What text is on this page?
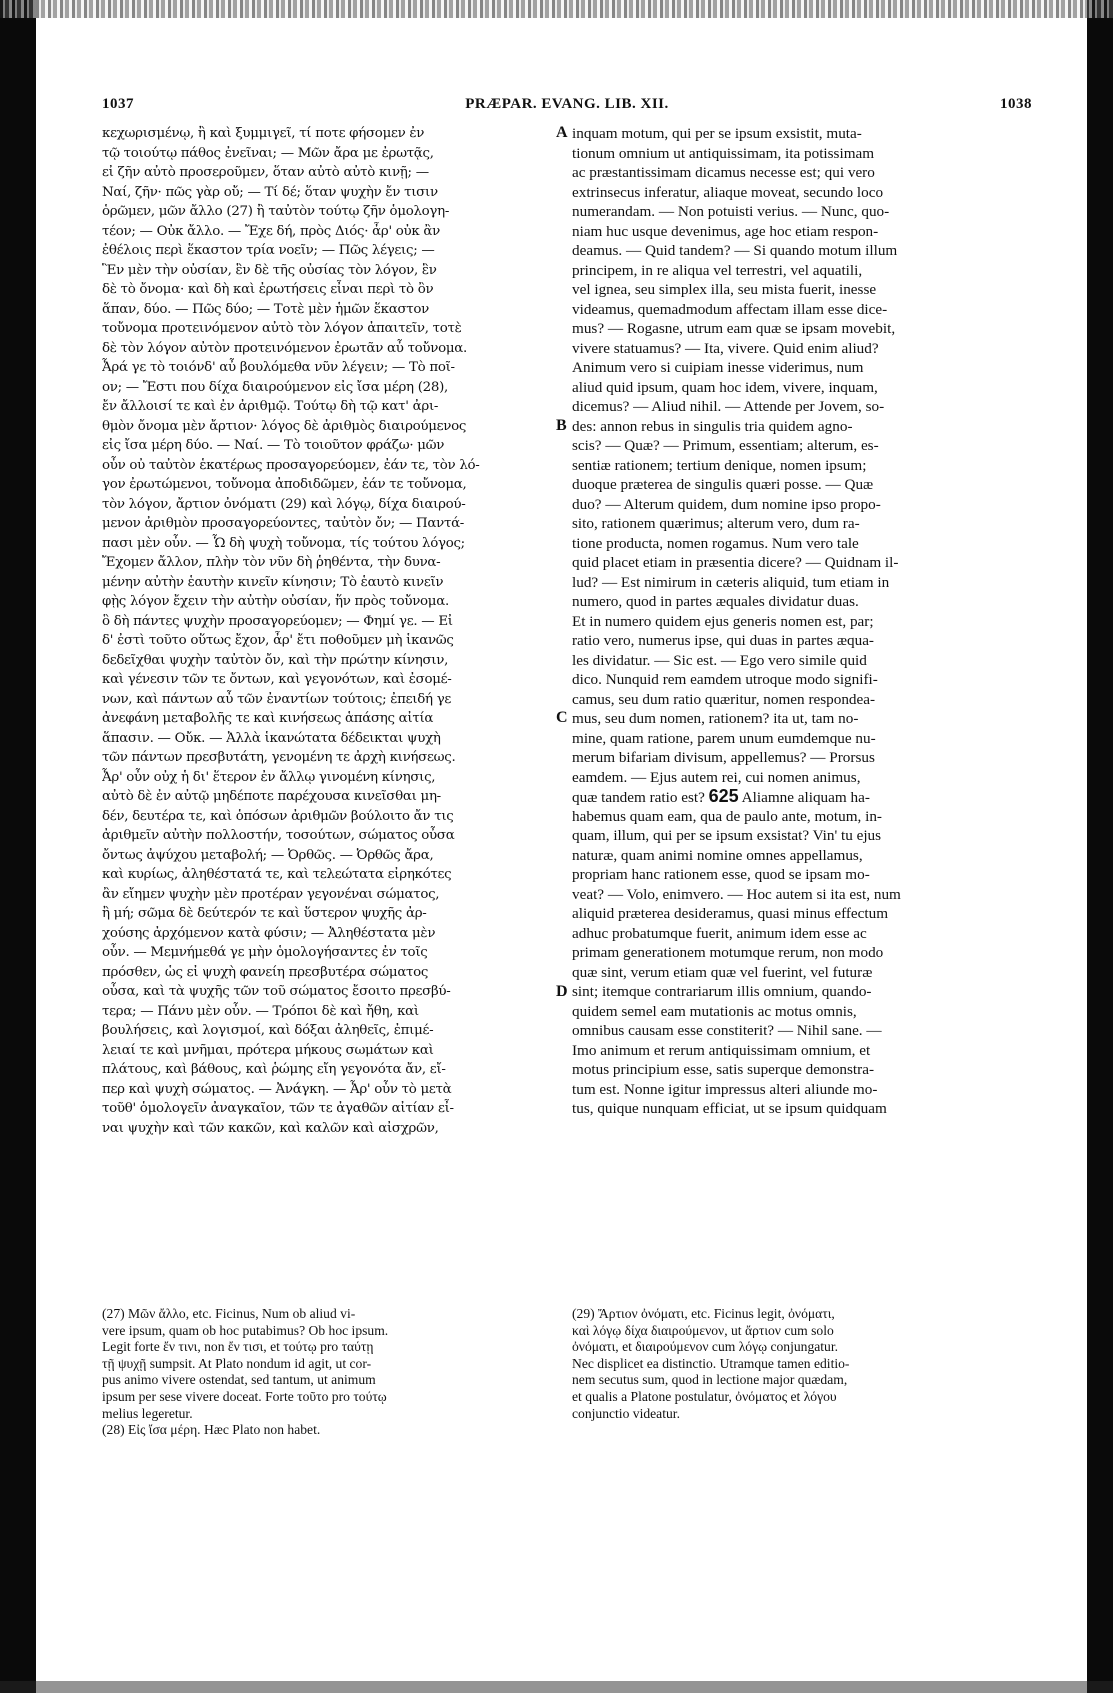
PRÆPAR. EVANG. LIB. XII.
1037	1038
κεχωρισμένῳ, ἢ καὶ ξυμμιγεῖ, τί ποτε φήσομεν ἐν
τῷ τοιούτῳ πάθος ἐνεῖναι; — Μῶν ἄρα με ἐρωτᾷς,
εἰ ζῆν αὐτὸ προσεροῦμεν, ὅταν αὐτὸ αὐτὸ κινῇ; —
Ναί, ζῆν· πῶς γὰρ οὔ; — Τί δέ; ὅταν ψυχὴν ἔν τισιν
ὁρῶμεν, μῶν ἄλλο (27) ἢ ταὐτὸν τούτῳ ζῆν ὁμολογη-
τέον; — Οὐκ ἄλλο. — Ἔχε δή, πρὸς Διός· ἆρ' οὐκ ἂν
ἐθέλοις περὶ ἕκαστον τρία νοεῖν; — Πῶς λέγεις; —
Ἓν μὲν τὴν οὐσίαν, ἓν δὲ τῆς οὐσίας τὸν λόγον, ἓν
δὲ τὸ ὄνομα· καὶ δὴ καὶ ἐρωτήσεις εἶναι περὶ τὸ ὂν
ἅπαν, δύο. — Πῶς δύο; — Τοτὲ μὲν ἡμῶν ἕκαστον
τοὔνομα προτεινόμενον αὐτὸ τὸν λόγον ἀπαιτεῖν, τοτὲ
δὲ τὸν λόγον αὐτὸν προτεινόμενον ἐρωτᾶν αὖ τοὔνομα.
Ἆρά γε τὸ τοιόνδ' αὖ βουλόμεθα νῦν λέγειν; — Τὸ ποῖ-
ον; — Ἔστι που δίχα διαιρούμενον εἰς ἴσα μέρη (28),
ἔν ἄλλοισί τε καὶ ἐν ἀριθμῷ. Τούτῳ δὴ τῷ κατ' ἀρι-
θμὸν ὄνομα μὲν ἄρτιον· λόγος δὲ ἀριθμὸς διαιρούμενος
εἰς ἴσα μέρη δύο. — Ναί. — Τὸ τοιοῦτον φράζω· μῶν
οὖν οὐ ταὐτὸν ἑκατέρως προσαγορεύομεν, ἐάν τε, τὸν λό-
γον ἐρωτώμενοι, τοὔνομα ἀποδιδῶμεν, ἐάν τε τοὔνομα,
τὸν λόγον, ἄρτιον ὀνόματι (29) καὶ λόγῳ, δίχα διαιρού-
μενον ἀριθμὸν προσαγορεύοντες, ταὐτὸν ὄν; — Παντά-
πασι μὲν οὖν. — Ὧ δὴ ψυχὴ τοὔνομα, τίς τούτου λόγος;
Ἔχομεν ἄλλον, πλὴν τὸν νῦν δὴ ῥηθέντα, τὴν δυνα-
μένην αὐτὴν ἑαυτὴν κινεῖν κίνησιν; Τὸ ἑαυτὸ κινεῖν
φῂς λόγον ἔχειν τὴν αὐτὴν οὐσίαν, ἥν πρὸς τοὔνομα.
ὃ δὴ πάντες ψυχὴν προσαγορεύομεν; — Φημί γε. — Εἰ
δ' ἐστὶ τοῦτο οὕτως ἔχον, ἆρ' ἔτι ποθοῦμεν μὴ ἱκανῶς
δεδεῖχθαι ψυχὴν ταὐτὸν ὄν, καὶ τὴν πρώτην κίνησιν,
καὶ γένεσιν τῶν τε ὄντων, καὶ γεγονότων, καὶ ἐσομέ-
νων, καὶ πάντων αὖ τῶν ἐναντίων τούτοις; ἐπειδή γε
ἀνεφάνη μεταβολῆς τε καὶ κινήσεως ἁπάσης αἰτία
ἅπασιν. — Οὔκ. — Ἀλλὰ ἱκανώτατα δέδεικται ψυχὴ
τῶν πάντων πρεσβυτάτη, γενομένη τε ἀρχὴ κινήσεως.
Ἆρ' οὖν οὐχ ἡ δι' ἕτερον ἐν ἄλλῳ γινομένη κίνησις,
αὐτὸ δὲ ἐν αὐτῷ μηδέποτε παρέχουσα κινεῖσθαι μη-
δέν, δευτέρα τε, καὶ ὁπόσων ἀριθμῶν βούλοιτο ἄν τις
ἀριθμεῖν αὐτὴν πολλοστήν, τοσούτων, σώματος οὖσα
ὄντως ἀψύχου μεταβολή; — Ὀρθῶς. — Ὀρθῶς ἄρα,
καὶ κυρίως, ἀληθέστατά τε, καὶ τελεώτατα εἰρηκότες
ἂν εἴημεν ψυχὴν μὲν προτέραν γεγονέναι σώματος,
ἢ μή; σῶμα δὲ δεύτερόν τε καὶ ὕστερον ψυχῆς ἀρ-
χούσης ἀρχόμενον κατὰ φύσιν; — Ἀληθέστατα μὲν
οὖν. — Μεμνήμεθά γε μὴν ὁμολογήσαντες ἐν τοῖς
πρόσθεν, ὡς εἰ ψυχὴ φανείη πρεσβυτέρα σώματος
οὖσα, καὶ τὰ ψυχῆς τῶν τοῦ σώματος ἔσοιτο πρεσβύ-
τερα; — Πάνυ μὲν οὖν. — Τρόποι δὲ καὶ ἤθη, καὶ
βουλήσεις, καὶ λογισμοί, καὶ δόξαι ἀληθεῖς, ἐπιμέ-
λειαί τε καὶ μνῆμαι, πρότερα μήκους σωμάτων καὶ
πλάτους, καὶ βάθους, καὶ ῥώμης εἴη γεγονότα ἄν, εἴ-
περ καὶ ψυχὴ σώματος. — Ἀνάγκη. — Ἆρ' οὖν τὸ μετὰ
τοῦθ' ὁμολογεῖν ἀναγκαῖον, τῶν τε ἀγαθῶν αἰτίαν εἶ-
ναι ψυχὴν καὶ τῶν κακῶν, καὶ καλῶν καὶ αἰσχρῶν,
inquam motum, qui per se ipsum exsistit, muta-
tionum omnium ut antiquissimam, ita potissimam
ac præstantissimam dicamus necesse est; qui vero
extrinsecus inferatur, aliaque moveat, secundo loco
numerandam. — Non potuisti verius. — Nunc, quo-
niam huc usque devenimus, age hoc etiam respon-
deamus. — Quid tandem? — Si quando motum illum
principem, in re aliqua vel terrestri, vel aquatili,
vel ignea, seu simplex illa, seu mista fuerit, inesse
videamus, quemadmodum affectam illam esse dice-
mus? — Rogasne, utrum eam quæ se ipsam movebit,
vivere statuamus? — Ita, vivere. Quid enim aliud?
Animum vero si cuipiam inesse viderimus, num
aliud quid ipsum, quam hoc idem, vivere, inquam,
dicemus? — Aliud nihil. — Attende per Jovem, so-
des: annon rebus in singulis tria quidem agno-
scis? — Quæ? — Primum, essentiam; alterum, es-
sentiæ rationem; tertium denique, nomen ipsum;
duoque præterea de singulis quæri posse. — Quæ
duo? — Alterum quidem, dum nomine ipso propo-
sito, rationem quærimus; alterum vero, dum ra-
tione producta, nomen rogamus. Num vero tale
quid placet etiam in præsentia dicere? — Quidnam il-
lud? — Est nimirum in cæteris aliquid, tum etiam in
numero, quod in partes æquales dividatur duas.
Et in numero quidem ejus generis nomen est, par;
ratio vero, numerus ipse, qui duas in partes æqua-
les dividatur. — Sic est. — Ego vero simile quid
dico. Nunquid rem eamdem utroque modo signifi-
camus, seu dum ratio quæritur, nomen respondea-
mus, seu dum nomen, rationem? ita ut, tam no-
mine, quam ratione, parem unum eumdemque nu-
merum bifariam divisum, appellemus? — Prorsus
eamdem. — Ejus autem rei, cui nomen animus,
quæ tandem ratio est? 625 Aliamne aliquam ha-
habemus quam eam, qua de paulo ante, motum, in-
quam, illum, qui per se ipsum exsistat? Vin' tu ejus
naturæ, quam animi nomine omnes appellamus,
propriam hanc rationem esse, quod se ipsam mo-
veat? — Volo, enimvero. — Hoc autem si ita est, num
aliquid præterea desideramus, quasi minus effectum
adhuc probatumque fuerit, animum idem esse ac
primam generationem motumque rerum, non modo
quæ sint, verum etiam quæ vel fuerint, vel futuræ
sint; itemque contrariarum illis omnium, quando-
quidem semel eam mutationis ac motus omnis,
omnibus causam esse constiterit? — Nihil sane. —
Imo animum et rerum antiquissimam omnium, et
motus principium esse, satis superque demonstra-
tum est. Nonne igitur impressus alteri aliunde mo-
tus, quique nunquam efficiat, ut se ipsum quidquam
A
B
C
D
(27) Μῶν ἄλλο, etc. Ficinus, Num ob aliud vi-
vere ipsum, quam ob hoc putabimus? Ob hoc ipsum.
Legit forte ἔν τινι, non ἔν τισι, et τούτῳ pro ταύτῃ
τῇ ψυχῇ sumpsit. At Plato nondum id agit, ut cor-
pus animo vivere ostendat, sed tantum, ut animum
ipsum per sese vivere doceat. Forte τοῦτο pro τούτῳ
melius legeretur.
(28) Εἰς ἴσα μέρη. Hæc Plato non habet.
(29) Ἄρτιον ὀνόματι, etc. Ficinus legit, ὀνόματι,
καὶ λόγῳ δίχα διαιρούμενον, ut ἄρτιον cum solo
ὀνόματι, et διαιρούμενον cum λόγῳ conjungatur.
Nec displicet ea distinctio. Utramque tamen editio-
nem secutus sum, quod in lectione major quædam,
et qualis a Platone postulatur, ὀνόματος et λόγου
conjunctio videatur.
